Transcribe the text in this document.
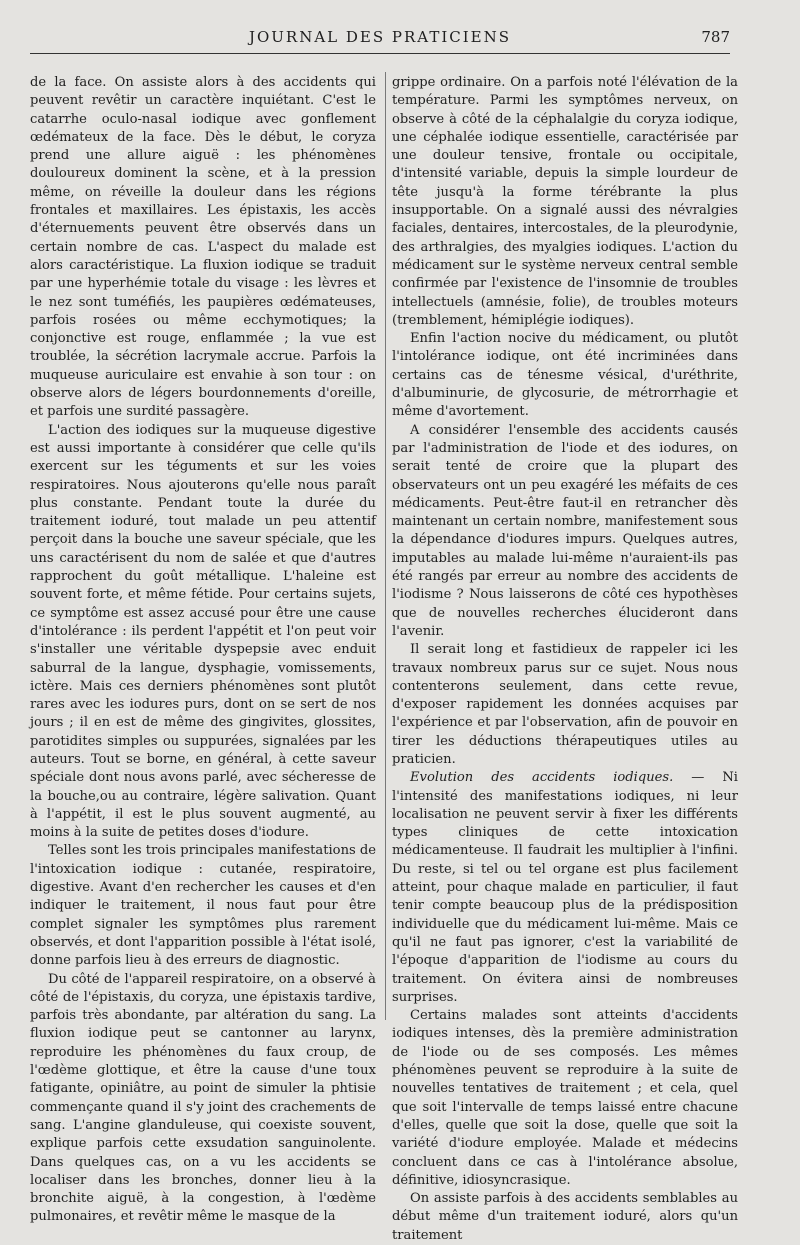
JOURNAL DES PRATICIENS	787

de la face. On assiste alors à des accidents qui peuvent revêtir un caractère inquiétant. C'est le catarrhe oculo-nasal iodique avec gonflement œdémateux de la face. Dès le début, le coryza prend une allure aiguë : les phénomènes douloureux dominent la scène, et à la pression même, on réveille la douleur dans les régions frontales et maxillaires. Les épistaxis, les accès d'éternuements peuvent être observés dans un certain nombre de cas. L'aspect du malade est alors caractéristique. La fluxion iodique se traduit par une hyperhémie totale du visage : les lèvres et le nez sont tuméfiés, les paupières œdémateuses, parfois rosées ou même ecchymotiques; la conjonctive est rouge, enflammée ; la vue est troublée, la sécrétion lacrymale accrue. Parfois la muqueuse auriculaire est envahie à son tour : on observe alors de légers bourdonnements d'oreille, et parfois une surdité passagère.

L'action des iodiques sur la muqueuse digestive est aussi importante à considérer que celle qu'ils exercent sur les téguments et sur les voies respiratoires. Nous ajouterons qu'elle nous paraît plus constante. Pendant toute la durée du traitement ioduré, tout malade un peu attentif perçoit dans la bouche une saveur spéciale, que les uns caractérisent du nom de salée et que d'autres rapprochent du goût métallique. L'haleine est souvent forte, et même fétide. Pour certains sujets, ce symptôme est assez accusé pour être une cause d'intolérance : ils perdent l'appétit et l'on peut voir s'installer une véritable dyspepsie avec enduit saburral de la langue, dysphagie, vomissements, ictère. Mais ces derniers phénomènes sont plutôt rares avec les iodures purs, dont on se sert de nos jours ; il en est de même des gingivites, glossites, parotidites simples ou suppurées, signalées par les auteurs. Tout se borne, en général, à cette saveur spéciale dont nous avons parlé, avec sécheresse de la bouche,ou au contraire, légère salivation. Quant à l'appétit, il est le plus souvent augmenté, au moins à la suite de petites doses d'iodure.

Telles sont les trois principales manifestations de l'intoxication iodique : cutanée, respiratoire, digestive. Avant d'en rechercher les causes et d'en indiquer le traitement, il nous faut pour être complet signaler les symptômes plus rarement observés, et dont l'apparition possible à l'état isolé, donne parfois lieu à des erreurs de diagnostic.

Du côté de l'appareil respiratoire, on a observé à côté de l'épistaxis, du coryza, une épistaxis tardive, parfois très abondante, par altération du sang. La fluxion iodique peut se cantonner au larynx, reproduire les phénomènes du faux croup, de l'œdème glottique, et être la cause d'une toux fatigante, opiniâtre, au point de simuler la phtisie commençante quand il s'y joint des crachements de sang. L'angine glanduleuse, qui coexiste souvent, explique parfois cette exsudation sanguinolente. Dans quelques cas, on a vu les accidents se localiser dans les bronches, donner lieu à la bronchite aiguë, à la congestion, à l'œdème pulmonaires, et revêtir même le masque de la

grippe ordinaire. On a parfois noté l'élévation de la température. Parmi les symptômes nerveux, on observe à côté de la céphalalgie du coryza iodique, une céphalée iodique essentielle, caractérisée par une douleur tensive, frontale ou occipitale, d'intensité variable, depuis la simple lourdeur de tête jusqu'à la forme térébrante la plus insupportable. On a signalé aussi des névralgies faciales, dentaires, intercostales, de la pleurodynie, des arthralgies, des myalgies iodiques. L'action du médicament sur le système nerveux central semble confirmée par l'existence de l'insomnie de troubles intellectuels (amnésie, folie), de troubles moteurs (tremblement, hémiplégie iodiques).

Enfin l'action nocive du médicament, ou plutôt l'intolérance iodique, ont été incriminées dans certains cas de ténesme vésical, d'uréthrite, d'albuminurie, de glycosurie, de métrorrhagie et même d'avortement.

A considérer l'ensemble des accidents causés par l'administration de l'iode et des iodures, on serait tenté de croire que la plupart des observateurs ont un peu exagéré les méfaits de ces médicaments. Peut-être faut-il en retrancher dès maintenant un certain nombre, manifestement sous la dépendance d'iodures impurs. Quelques autres, imputables au malade lui-même n'auraient-ils pas été rangés par erreur au nombre des accidents de l'iodisme ? Nous laisserons de côté ces hypothèses que de nouvelles recherches élucideront dans l'avenir.

Il serait long et fastidieux de rappeler ici les travaux nombreux parus sur ce sujet. Nous nous contenterons seulement, dans cette revue, d'exposer rapidement les données acquises par l'expérience et par l'observation, afin de pouvoir en tirer les déductions thérapeutiques utiles au praticien.

Evolution des accidents iodiques. — Ni l'intensité des manifestations iodiques, ni leur localisation ne peuvent servir à fixer les différents types cliniques de cette intoxication médicamenteuse. Il faudrait les multiplier à l'infini. Du reste, si tel ou tel organe est plus facilement atteint, pour chaque malade en particulier, il faut tenir compte beaucoup plus de la prédisposition individuelle que du médicament lui-même. Mais ce qu'il ne faut pas ignorer, c'est la variabilité de l'époque d'apparition de l'iodisme au cours du traitement. On évitera ainsi de nombreuses surprises.

Certains malades sont atteints d'accidents iodiques intenses, dès la première administration de l'iode ou de ses composés. Les mêmes phénomènes peuvent se reproduire à la suite de nouvelles tentatives de traitement ; et cela, quel que soit l'intervalle de temps laissé entre chacune d'elles, quelle que soit la dose, quelle que soit la variété d'iodure employée. Malade et médecins concluent dans ce cas à l'intolérance absolue, définitive, idiosyncrasique.

On assiste parfois à des accidents semblables au début même d'un traitement ioduré, alors qu'un traitement
